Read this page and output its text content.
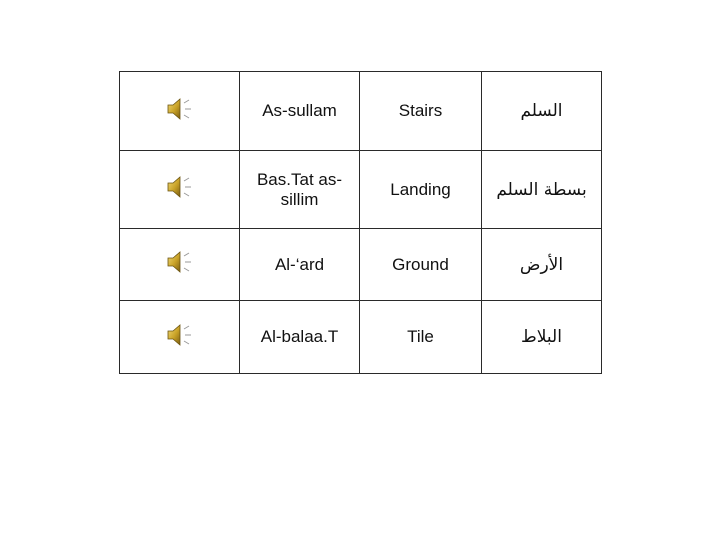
	As-sullam	Stairs	السلم

	Bas.Tat as-sillim	Landing	بسطة السلم

	Al-‘ard	Ground	الأرض

	Al-balaa.T	Tile	البلاط
